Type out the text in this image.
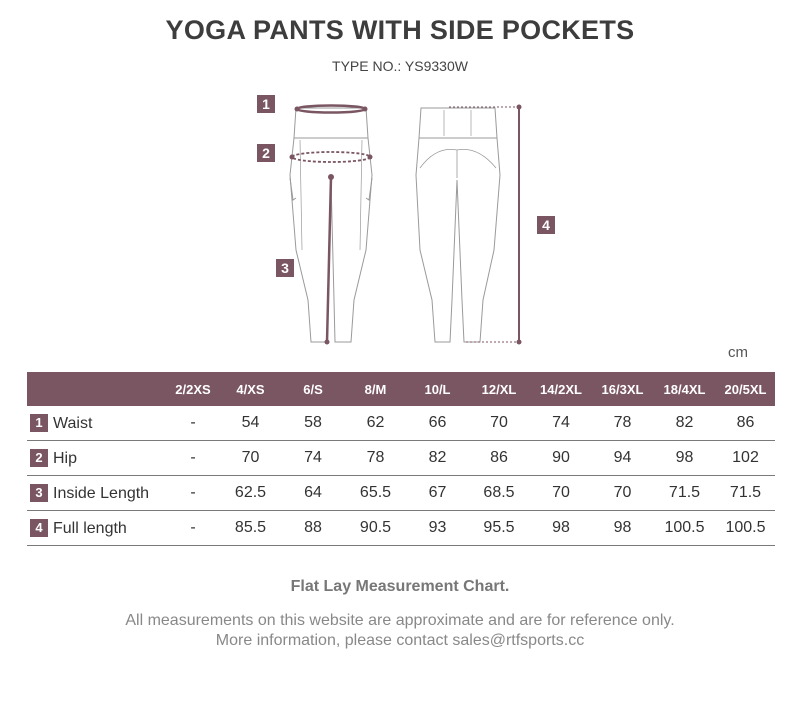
YOGA PANTS WITH SIDE POCKETS
TYPE NO.: YS9330W
1
2
3
4
cm
	2/2XS	4/XS	6/S	8/M	10/L	12/XL	14/2XL	16/3XL	18/4XL	20/5XL
1 Waist	-	54	58	62	66	70	74	78	82	86
2 Hip	-	70	74	78	82	86	90	94	98	102
3 Inside Length	-	62.5	64	65.5	67	68.5	70	70	71.5	71.5
4 Full length	-	85.5	88	90.5	93	95.5	98	98	100.5	100.5
Flat Lay Measurement Chart.
All measurements on this website are approximate and are for reference only.
More information, please contact sales@rtfsports.cc
